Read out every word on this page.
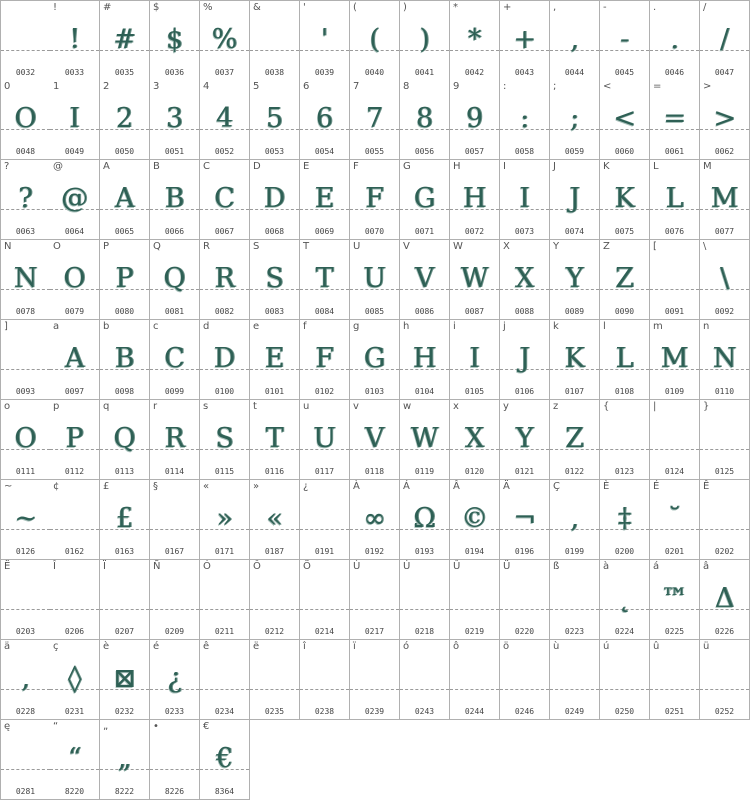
0032
!
!
0033
#
#
0035
$
$
0036
%
%
0037
&
0038
'
'
0039
(
(
0040
)
)
0041
*
*
0042
+
+
0043
,
,
0044
-
-
0045
.
.
0046
/
/
0047
0
O
0048
1
I
0049
2
2
0050
3
3
0051
4
4
0052
5
5
0053
6
6
0054
7
7
0055
8
8
0056
9
9
0057
:
:
0058
;
;
0059
<
<
0060
=
=
0061
>
>
0062
?
?
0063
@
@
0064
A
A
0065
B
B
0066
C
C
0067
D
D
0068
E
E
0069
F
F
0070
G
G
0071
H
H
0072
I
I
0073
J
J
0074
K
K
0075
L
L
0076
M
M
0077
N
N
0078
O
O
0079
P
P
0080
Q
Q
0081
R
R
0082
S
S
0083
T
T
0084
U
U
0085
V
V
0086
W
W
0087
X
X
0088
Y
Y
0089
Z
Z
0090
[
0091
\
\
0092
]
0093
a
A
0097
b
B
0098
c
C
0099
d
D
0100
e
E
0101
f
F
0102
g
G
0103
h
H
0104
i
I
0105
j
J
0106
k
K
0107
l
L
0108
m
M
0109
n
N
0110
o
O
0111
p
P
0112
q
Q
0113
r
R
0114
s
S
0115
t
T
0116
u
U
0117
v
V
0118
w
W
0119
x
X
0120
y
Y
0121
z
Z
0122
{
0123
|
0124
}
0125
~
∼
0126
¢
0162
£
£
0163
§
0167
«
»
0171
»
«
0187
¿
0191
À
∞
0192
Á
Ω
0193
Â
©
0194
Ä
¬
0196
Ç
,
0199
È
‡
0200
É
˘
0201
Ê
0202
Ë
0203
Î
0206
Ï
0207
Ñ
0209
Ó
0211
Ô
0212
Ö
0214
Ù
0217
Ú
0218
Û
0219
Ü
0220
ß
0223
à
˛
0224
á
™
0225
â
Δ
0226
ä
,
0228
ç
◊
0231
è
⊠
0232
é
¿
0233
ê
0234
ë
0235
î
0238
ï
0239
ó
0243
ô
0244
ö
0246
ù
0249
ú
0250
û
0251
ü
0252
ę
0281
“
“
8220
„
„
8222
•
8226
€
€
8364
